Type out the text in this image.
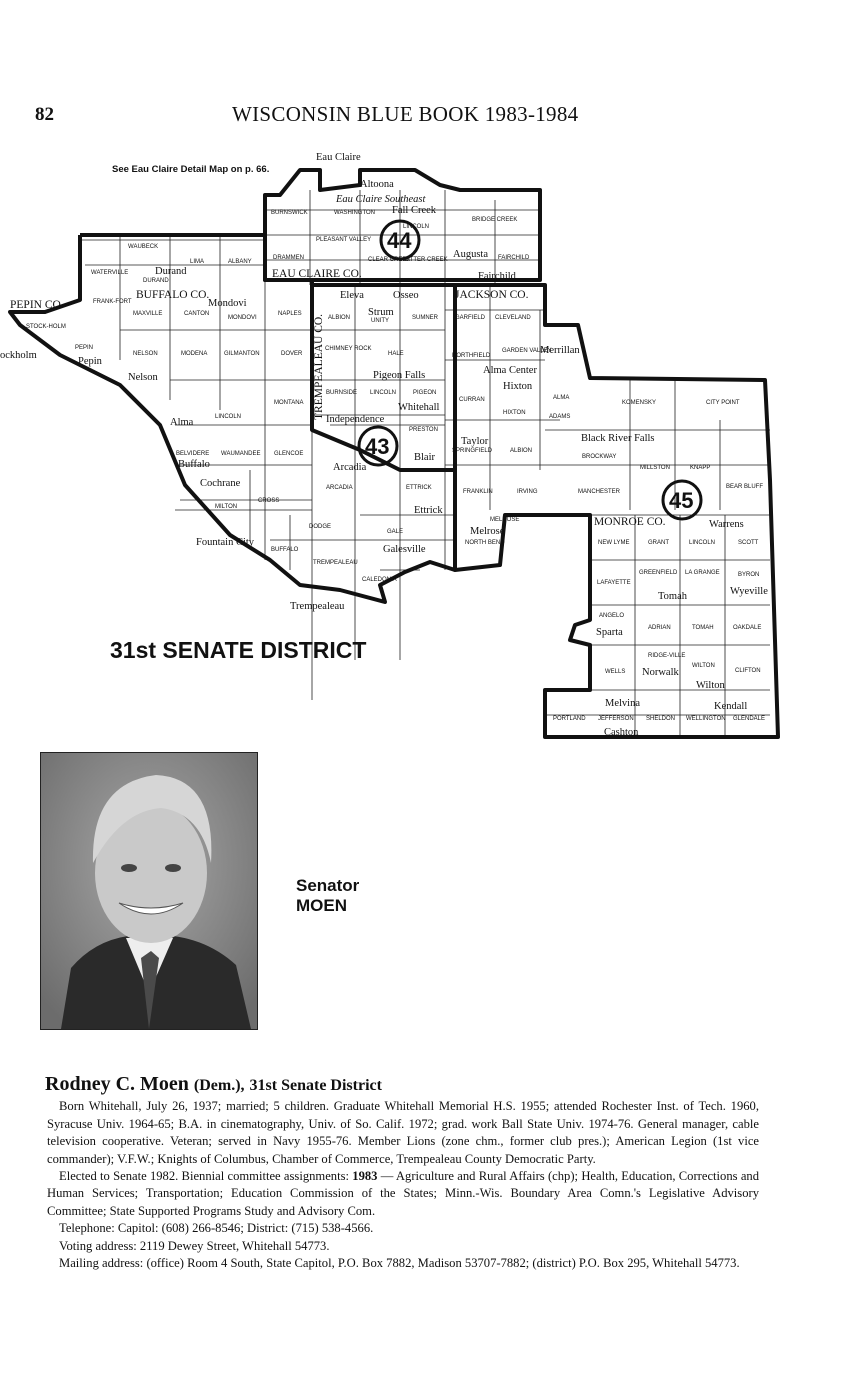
82	WISCONSIN BLUE BOOK 1983-1984
44
43
45
See Eau Claire Detail Map on p. 66.
EAU CLAIRE CO.
JACKSON CO.
BUFFALO CO.
PEPIN CO.
MONROE CO.
TREMPEALEAU CO.
Eau Claire
Altoona
Eau Claire Southeast
Fall Creek
Augusta
Fairchild
Durand
Mondovi
Eleva	Osseo
Strum
Merrillan
Alma Center
Hixton
Pigeon Falls
Whitehall
Independence
Pepin
Nelson
Alma
Taylor	Black River Falls
Blair
Arcadia
Buffalo
Cochrane
Ettrick
Fountain City
Melrose
Galesville
Trempealeau
Warrens
Tomah	Wyeville
Sparta
Norwalk
Wilton
Kendall
Melvina
Cashton
ockholm
BURNSWICK	WASHINGTON
BRIDGE CREEK
PLEASANT VALLEY
LINCOLN
DRAMMEN	CLEAR CREEK
OTTER CREEK	FAIRCHILD
WAUBECK
LIMA	ALBANY
WATERVILLE
DURAND
FRANK-FORT
MAXVILLE	CANTON
MONDOVI
NAPLES
ALBION	UNITY	SUMNER	GARFIELD CLEVELAND
STOCK-HOLM
PEPIN
NELSON	MODENA	GILMANTON	DOVER
CHIMNEY ROCK
HALE	NORTHFIELD
GARDEN VALLEY
ALMA
MONTANA
BURNSIDE LINCOLN	PIGEON
CURRAN
HIXTON
ADAMS
KOMENSKY	CITY POINT
LINCOLN
PRESTON
SPRINGFIELD	ALBION
BROCKWAY
MILLSTON	KNAPP
BELVIDERE WAUMANDEE GLENCOE
ARCADIA	ETTRICK
FRANKLIN	IRVING	MANCHESTER
BEAR BLUFF
MILTON
CROSS
DODGE
MELROSE
GALE
NORTH BEND	NEW LYME	GRANT	LINCOLN	SCOTT
BUFFALO
TREMPEALEAU
CALEDONIA	LAFAYETTE
GREENFIELD LA GRANGE	BYRON
ANGELO
ADRIAN	TOMAH	OAKDALE
WELLS
RIDGE-VILLE
WILTON
CLIFTON
PORTLAND JEFFERSON SHELDON WELLINGTON GLENDALE
31st SENATE DISTRICT
Senator
MOEN
Rodney C. Moen (Dem.), 31st Senate District

Born Whitehall, July 26, 1937; married; 5 children. Graduate Whitehall Memorial H.S. 1955; attended Rochester Inst. of Tech. 1960, Syracuse Univ. 1964-65; B.A. in cinematography, Univ. of So. Calif. 1972; grad. work Ball State Univ. 1974-76. General manager, cable television cooperative. Veteran; served in Navy 1955-76. Member Lions (zone chm., former club pres.); American Legion (1st vice commander); V.F.W.; Knights of Columbus, Chamber of Commerce, Trempealeau County Democratic Party.

Elected to Senate 1982. Biennial committee assignments: 1983 — Agriculture and Rural Affairs (chp); Health, Education, Corrections and Human Services; Transportation; Education Commission of the States; Minn.-Wis. Boundary Area Comn.'s Legislative Advisory Committee; State Supported Programs Study and Advisory Com.

Telephone: Capitol: (608) 266-8546; District: (715) 538-4566.

Voting address: 2119 Dewey Street, Whitehall 54773.

Mailing address: (office) Room 4 South, State Capitol, P.O. Box 7882, Madison 53707-7882; (district) P.O. Box 295, Whitehall 54773.
